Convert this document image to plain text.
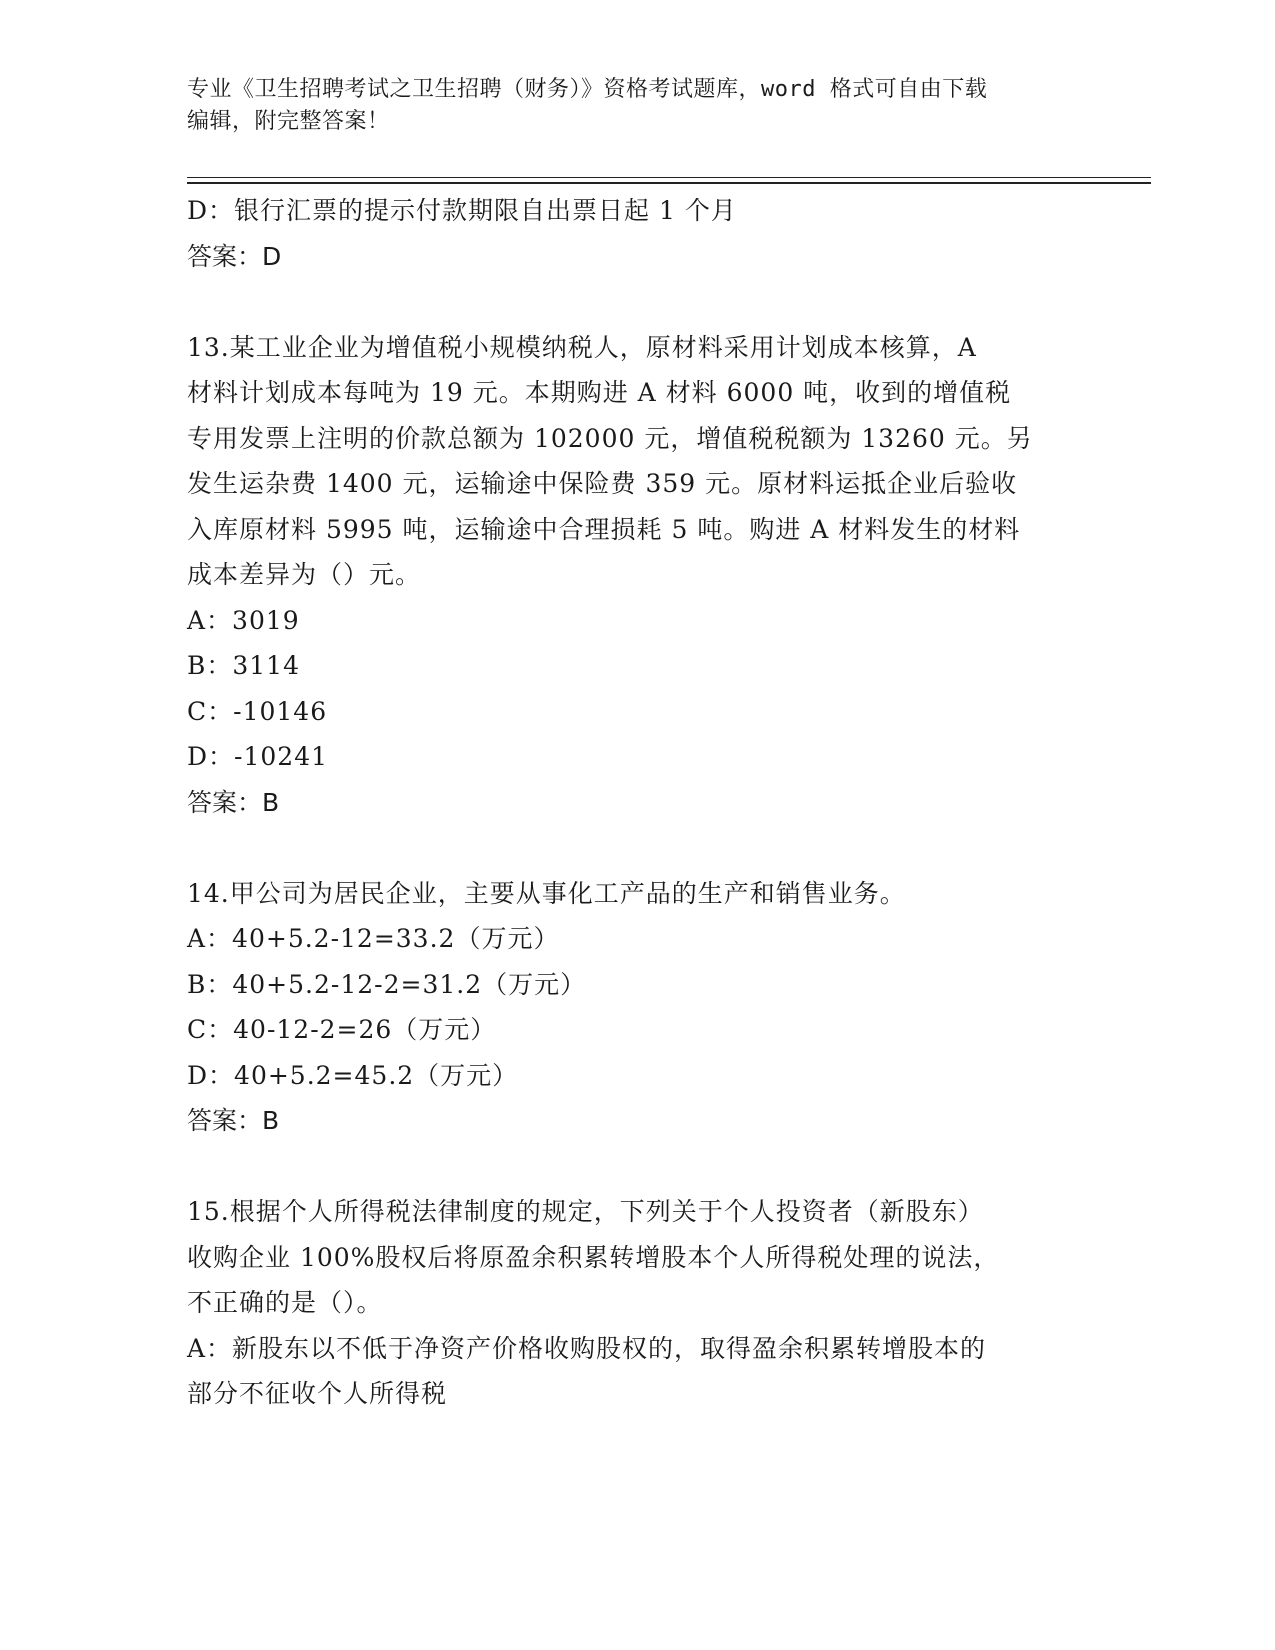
专业《卫生招聘考试之卫生招聘（财务）》资格考试题库，word 格式可自由下载
编辑，附完整答案！
D：银行汇票的提示付款期限自出票日起 1 个月
答案：D
13.某工业企业为增值税小规模纳税人，原材料采用计划成本核算，A
材料计划成本每吨为 19 元。本期购进 A 材料 6000 吨，收到的增值税
专用发票上注明的价款总额为 102000 元，增值税税额为 13260 元。另
发生运杂费 1400 元，运输途中保险费 359 元。原材料运抵企业后验收
入库原材料 5995 吨，运输途中合理损耗 5 吨。购进 A 材料发生的材料
成本差异为（）元。
A：3019
B：3114
C：-10146
D：-10241
答案：B
14.甲公司为居民企业，主要从事化工产品的生产和销售业务。
A：40+5.2-12=33.2（万元）
B：40+5.2-12-2=31.2（万元）
C：40-12-2=26（万元）
D：40+5.2=45.2（万元）
答案：B
15.根据个人所得税法律制度的规定，下列关于个人投资者（新股东）
收购企业 100%股权后将原盈余积累转增股本个人所得税处理的说法，
不正确的是（）。
A：新股东以不低于净资产价格收购股权的，取得盈余积累转增股本的
部分不征收个人所得税
